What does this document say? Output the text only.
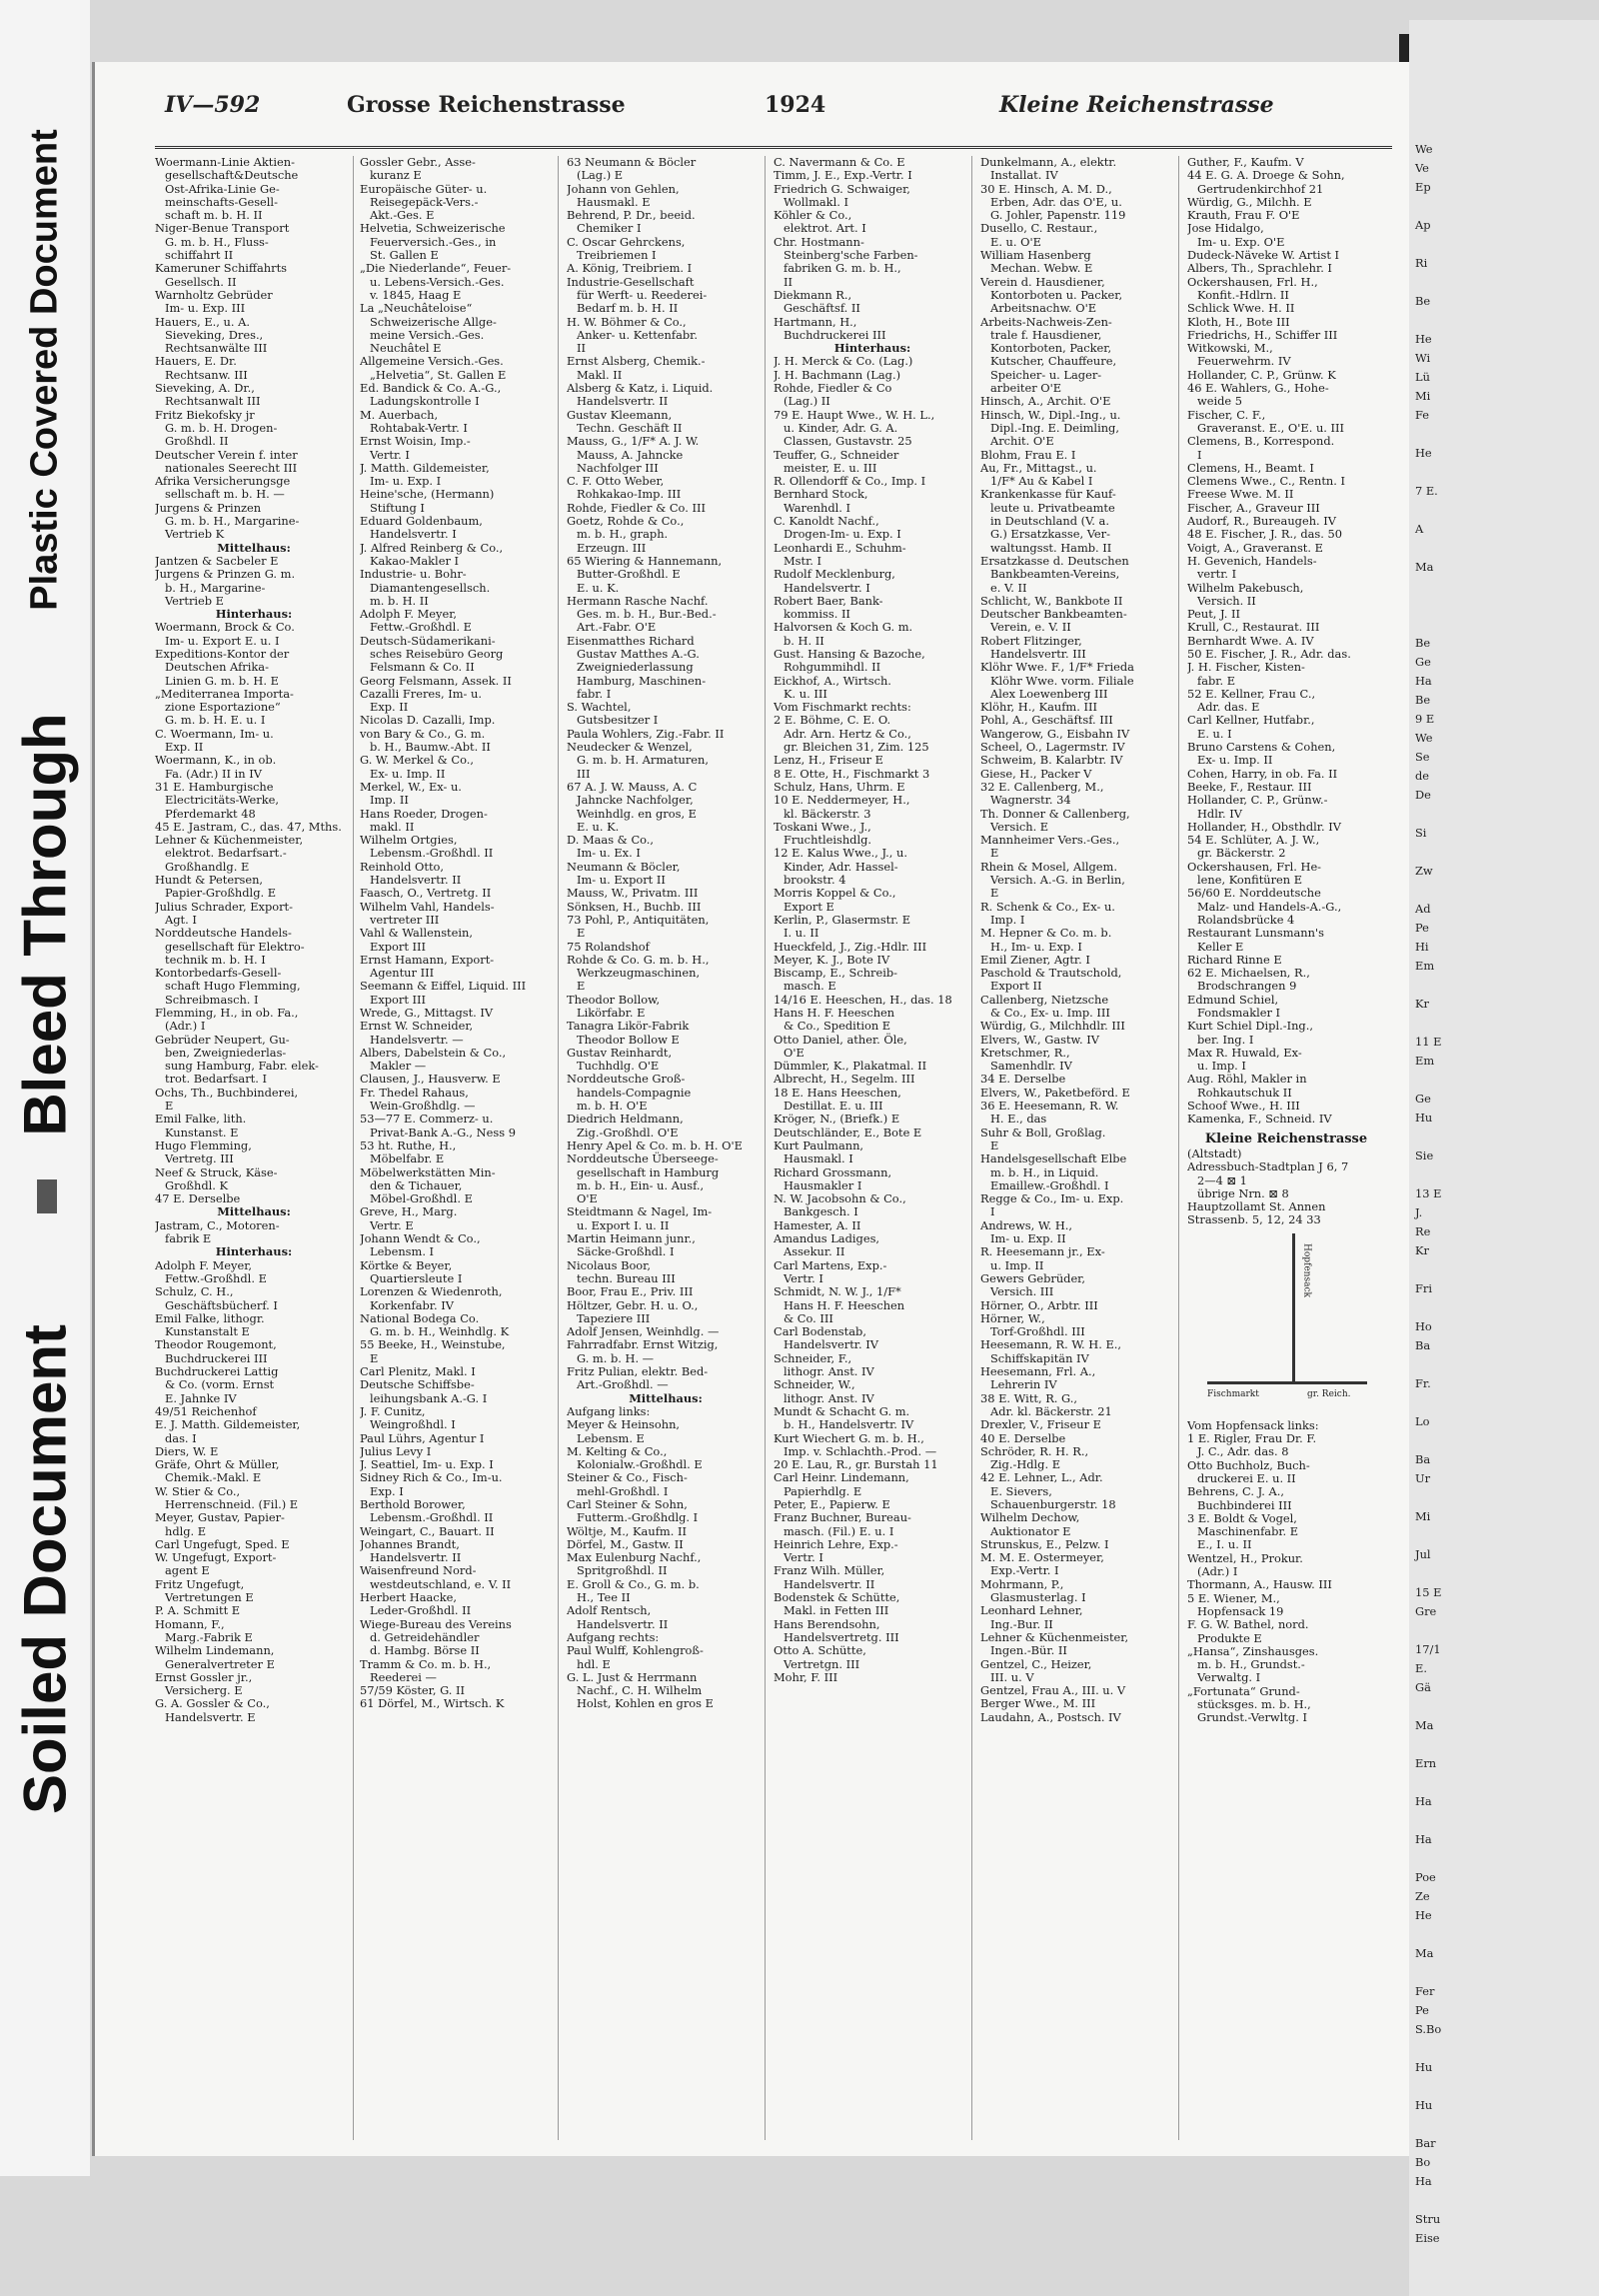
Plastic Covered Document
Bleed Through
Soiled Document
IV—592	Grosse Reichenstrasse	1924	Kleine Reichenstrasse
Woermann-Linie Aktien-
gesellschaft&Deutsche
Ost-Afrika-Linie Ge-
meinschafts-Gesell-
schaft m. b. H. II
Niger-Benue Transport
G. m. b. H., Fluss-
schiffahrt II
Kameruner Schiffahrts
Gesellsch. II
Warnholtz Gebrüder
Im- u. Exp. III
Hauers, E., u. A.
Sieveking, Dres.,
Rechtsanwälte III
Hauers, E. Dr.
Rechtsanw. III
Sieveking, A. Dr.,
Rechtsanwalt III
Fritz Biekofsky jr
G. m. b. H. Drogen-
Großhdl. II
Deutscher Verein f. inter
nationales Seerecht III
Afrika Versicherungsge
sellschaft m. b. H. —
Jurgens & Prinzen
G. m. b. H., Margarine-
Vertrieb K
Mittelhaus:
Jantzen & Sacbeler E
Jurgens & Prinzen G. m.
b. H., Margarine-
Vertrieb E
Hinterhaus:
Woermann, Brock & Co.
Im- u. Export E. u. I
Expeditions-Kontor der
Deutschen Afrika-
Linien G. m. b. H. E
„Mediterranea Importa-
zione Esportazione“
G. m. b. H. E. u. I
C. Woermann, Im- u.
Exp. II
Woermann, K., in ob.
Fa. (Adr.) II in IV
31 E. Hamburgische
Electricitäts-Werke,
Pferdemarkt 48
45 E. Jastram, C., das. 47, Mths.
Lehner & Küchenmeister,
elektrot. Bedarfsart.-
Großhandlg. E
Hundt & Petersen,
Papier-Großhdlg. E
Julius Schrader, Export-
Agt. I
Norddeutsche Handels-
gesellschaft für Elektro-
technik m. b. H. I
Kontorbedarfs-Gesell-
schaft Hugo Flemming,
Schreibmasch. I
Flemming, H., in ob. Fa.,
(Adr.) I
Gebrüder Neupert, Gu-
ben, Zweigniederlas-
sung Hamburg, Fabr. elek-
trot. Bedarfsart. I
Ochs, Th., Buchbinderei,
E
Emil Falke, lith.
Kunstanst. E
Hugo Flemming,
Vertretg. III
Neef & Struck, Käse-
Großhdl. K
47 E. Derselbe
Mittelhaus:
Jastram, C., Motoren-
fabrik E
Hinterhaus:
Adolph F. Meyer,
Fettw.-Großhdl. E
Schulz, C. H.,
Geschäftsbücherf. I
Emil Falke, lithogr.
Kunstanstalt E
Theodor Rougemont,
Buchdruckerei III
Buchdruckerei Lattig
& Co. (vorm. Ernst
E. Jahnke IV
49/51 Reichenhof
E. J. Matth. Gildemeister,
das. I
Diers, W. E
Gräfe, Ohrt & Müller,
Chemik.-Makl. E
W. Stier & Co.,
Herrenschneid. (Fil.) E
Meyer, Gustav, Papier-
hdlg. E
Carl Ungefugt, Sped. E
W. Ungefugt, Export-
agent E
Fritz Ungefugt,
Vertretungen E
P. A. Schmitt E
Homann, F.,
Marg.-Fabrik E
Wilhelm Lindemann,
Generalvertreter E
Ernst Gossler jr.,
Versicherg. E
G. A. Gossler & Co.,
Handelsvertr. E
Gossler Gebr., Asse-
kuranz E
Europäische Güter- u.
Reisegepäck-Vers.-
Akt.-Ges. E
Helvetia, Schweizerische
Feuerversich.-Ges., in
St. Gallen E
„Die Niederlande“, Feuer-
u. Lebens-Versich.-Ges.
v. 1845, Haag E
La „Neuchâteloise“
Schweizerische Allge-
meine Versich.-Ges.
Neuchâtel E
Allgemeine Versich.-Ges.
„Helvetia“, St. Gallen E
Ed. Bandick & Co. A.-G.,
Ladungskontrolle I
M. Auerbach,
Rohtabak-Vertr. I
Ernst Woisin, Imp.-
Vertr. I
J. Matth. Gildemeister,
Im- u. Exp. I
Heine'sche, (Hermann)
Stiftung I
Eduard Goldenbaum,
Handelsvertr. I
J. Alfred Reinberg & Co.,
Kakao-Makler I
Industrie- u. Bohr-
Diamantengesellsch.
m. b. H. II
Adolph F. Meyer,
Fettw.-Großhdl. E
Deutsch-Südamerikani-
sches Reisebüro Georg
Felsmann & Co. II
Georg Felsmann, Assek. II
Cazalli Freres, Im- u.
Exp. II
Nicolas D. Cazalli, Imp.
von Bary & Co., G. m.
b. H., Baumw.-Abt. II
G. W. Merkel & Co.,
Ex- u. Imp. II
Merkel, W., Ex- u.
Imp. II
Hans Roeder, Drogen-
makl. II
Wilhelm Ortgies,
Lebensm.-Großhdl. II
Reinhold Otto,
Handelsvertr. II
Faasch, O., Vertretg. II
Wilhelm Vahl, Handels-
vertreter III
Vahl & Wallenstein,
Export III
Ernst Hamann, Export-
Agentur III
Seemann & Eiffel, Liquid. III
Export III
Wrede, G., Mittagst. IV
Ernst W. Schneider,
Handelsvertr. —
Albers, Dabelstein & Co.,
Makler —
Clausen, J., Hausverw. E
Fr. Thedel Rahaus,
Wein-Großhdlg. —
53—77 E. Commerz- u.
Privat-Bank A.-G., Ness 9
53 ht. Ruthe, H.,
Möbelfabr. E
Möbelwerkstätten Min-
den & Tichauer,
Möbel-Großhdl. E
Greve, H., Marg.
Vertr. E
Johann Wendt & Co.,
Lebensm. I
Körtke & Beyer,
Quartiersleute I
Lorenzen & Wiedenroth,
Korkenfabr. IV
National Bodega Co.
G. m. b. H., Weinhdlg. K
55 Beeke, H., Weinstube,
E
Carl Plenitz, Makl. I
Deutsche Schiffsbe-
leihungsbank A.-G. I
J. F. Cunitz,
Weingroßhdl. I
Paul Lührs, Agentur I
Julius Levy I
J. Seattiel, Im- u. Exp. I
Sidney Rich & Co., Im-u.
Exp. I
Berthold Borower,
Lebensm.-Großhdl. II
Weingart, C., Bauart. II
Johannes Brandt,
Handelsvertr. II
Waisenfreund Nord-
westdeutschland, e. V. II
Herbert Haacke,
Leder-Großhdl. II
Wiege-Bureau des Vereins
d. Getreidehändler
d. Hambg. Börse II
Tramm & Co. m. b. H.,
Reederei —
57/59 Köster, G. II
61 Dörfel, M., Wirtsch. K
63 Neumann & Böcler
(Lag.) E
Johann von Gehlen,
Hausmakl. E
Behrend, P. Dr., beeid.
Chemiker I
C. Oscar Gehrckens,
Treibriemen I
A. König, Treibriem. I
Industrie-Gesellschaft
für Werft- u. Reederei-
Bedarf m. b. H. II
H. W. Böhmer & Co.,
Anker- u. Kettenfabr.
II
Ernst Alsberg, Chemik.-
Makl. II
Alsberg & Katz, i. Liquid.
Handelsvertr. II
Gustav Kleemann,
Techn. Geschäft II
Mauss, G., 1/F* A. J. W.
Mauss, A. Jahncke
Nachfolger III
C. F. Otto Weber,
Rohkakao-Imp. III
Rohde, Fiedler & Co. III
Goetz, Rohde & Co.,
m. b. H., graph.
Erzeugn. III
65 Wiering & Hannemann,
Butter-Großhdl. E
E. u. K.
Hermann Rasche Nachf.
Ges. m. b. H., Bur.-Bed.-
Art.-Fabr. O'E
Eisenmatthes Richard
Gustav Matthes A.-G.
Zweigniederlassung
Hamburg, Maschinen-
fabr. I
S. Wachtel,
Gutsbesitzer I
Paula Wohlers, Zig.-Fabr. II
Neudecker & Wenzel,
G. m. b. H. Armaturen,
III
67 A. J. W. Mauss, A. C
Jahncke Nachfolger,
Weinhdlg. en gros, E
E. u. K.
D. Maas & Co.,
Im- u. Ex. I
Neumann & Böcler,
Im- u. Export II
Mauss, W., Privatm. III
Sönksen, H., Buchb. III
73 Pohl, P., Antiquitäten,
E
75 Rolandshof
Rohde & Co. G. m. b. H.,
Werkzeugmaschinen,
E
Theodor Bollow,
Likörfabr. E
Tanagra Likör-Fabrik
Theodor Bollow E
Gustav Reinhardt,
Tuchhdlg. O'E
Norddeutsche Groß-
handels-Compagnie
m. b. H. O'E
Diedrich Heldmann,
Zig.-Großhdl. O'E
Henry Apel & Co. m. b. H. O'E
Norddeutsche Überseege-
gesellschaft in Hamburg
m. b. H., Ein- u. Ausf.,
O'E
Steidtmann & Nagel, Im-
u. Export I. u. II
Martin Heimann junr.,
Säcke-Großhdl. I
Nicolaus Boor,
techn. Bureau III
Boor, Frau E., Priv. III
Höltzer, Gebr. H. u. O.,
Tapeziere III
Adolf Jensen, Weinhdlg. —
Fahrradfabr. Ernst Witzig,
G. m. b. H. —
Fritz Pulian, elektr. Bed-
Art.-Großhdl. —
Mittelhaus:
Aufgang links:
Meyer & Heinsohn,
Lebensm. E
M. Kelting & Co.,
Kolonialw.-Großhdl. E
Steiner & Co., Fisch-
mehl-Großhdl. I
Carl Steiner & Sohn,
Futterm.-Großhdlg. I
Wöltje, M., Kaufm. II
Dörfel, M., Gastw. II
Max Eulenburg Nachf.,
Spritgroßhdl. II
E. Groll & Co., G. m. b.
H., Tee II
Adolf Rentsch,
Handelsvertr. II
Aufgang rechts:
Paul Wulff, Kohlengroß-
hdl. E
G. L. Just & Herrmann
Nachf., C. H. Wilhelm
Holst, Kohlen en gros E
C. Navermann & Co. E
Timm, J. E., Exp.-Vertr. I
Friedrich G. Schwaiger,
Wollmakl. I
Köhler & Co.,
elektrot. Art. I
Chr. Hostmann-
Steinberg'sche Farben-
fabriken G. m. b. H.,
II
Diekmann R.,
Geschäftsf. II
Hartmann, H.,
Buchdruckerei III
Hinterhaus:
J. H. Merck & Co. (Lag.)
J. H. Bachmann (Lag.)
Rohde, Fiedler & Co
(Lag.) II
79 E. Haupt Wwe., W. H. L.,
u. Kinder, Adr. G. A.
Classen, Gustavstr. 25
Teuffer, G., Schneider
meister, E. u. III
R. Ollendorff & Co., Imp. I
Bernhard Stock,
Warenhdl. I
C. Kanoldt Nachf.,
Drogen-Im- u. Exp. I
Leonhardi E., Schuhm-
Mstr. I
Rudolf Mecklenburg,
Handelsvertr. I
Robert Baer, Bank-
kommiss. II
Halvorsen & Koch G. m.
b. H. II
Gust. Hansing & Bazoche,
Rohgummihdl. II
Eickhof, A., Wirtsch.
K. u. III
Vom Fischmarkt rechts:
2 E. Böhme, C. E. O.
Adr. Arn. Hertz & Co.,
gr. Bleichen 31, Zim. 125
Lenz, H., Friseur E
8 E. Otte, H., Fischmarkt 3
Schulz, Hans, Uhrm. E
10 E. Neddermeyer, H.,
kl. Bäckerstr. 3
Toskani Wwe., J.,
Fruchtleishdlg.
12 E. Kalus Wwe., J., u.
Kinder, Adr. Hassel-
brookstr. 4
Morris Koppel & Co.,
Export E
Kerlin, P., Glasermstr. E
I. u. II
Hueckfeld, J., Zig.-Hdlr. III
Meyer, K. J., Bote IV
Biscamp, E., Schreib-
masch. E
14/16 E. Heeschen, H., das. 18
Hans H. F. Heeschen
& Co., Spedition E
Otto Daniel, ather. Öle,
O'E
Dümmler, K., Plakatmal. II
Albrecht, H., Segelm. III
18 E. Hans Heeschen,
Destillat. E. u. III
Kröger, N., (Briefk.) E
Deutschländer, E., Bote E
Kurt Paulmann,
Hausmakl. I
Richard Grossmann,
Hausmakler I
N. W. Jacobsohn & Co.,
Bankgesch. I
Hamester, A. II
Amandus Ladiges,
Assekur. II
Carl Martens, Exp.-
Vertr. I
Schmidt, N. W. J., 1/F*
Hans H. F. Heeschen
& Co. III
Carl Bodenstab,
Handelsvertr. IV
Schneider, F.,
lithogr. Anst. IV
Schneider, W.,
lithogr. Anst. IV
Mundt & Schacht G. m.
b. H., Handelsvertr. IV
Kurt Wiechert G. m. b. H.,
Imp. v. Schlachth.-Prod. —
20 E. Lau, R., gr. Burstah 11
Carl Heinr. Lindemann,
Papierhdlg. E
Peter, E., Papierw. E
Franz Buchner, Bureau-
masch. (Fil.) E. u. I
Heinrich Lehre, Exp.-
Vertr. I
Franz Wilh. Müller,
Handelsvertr. II
Bodenstek & Schütte,
Makl. in Fetten III
Hans Berendsohn,
Handelsvertretg. III
Otto A. Schütte,
Vertretgn. III
Mohr, F. III
Dunkelmann, A., elektr.
Installat. IV
30 E. Hinsch, A. M. D.,
Erben, Adr. das O'E, u.
G. Johler, Papenstr. 119
Dusello, C. Restaur.,
E. u. O'E
William Hasenberg
Mechan. Webw. E
Verein d. Hausdiener,
Kontorboten u. Packer,
Arbeitsnachw. O'E
Arbeits-Nachweis-Zen-
trale f. Hausdiener,
Kontorboten, Packer,
Kutscher, Chauffeure,
Speicher- u. Lager-
arbeiter O'E
Hinsch, A., Archit. O'E
Hinsch, W., Dipl.-Ing., u.
Dipl.-Ing. E. Deimling,
Archit. O'E
Blohm, Frau E. I
Au, Fr., Mittagst., u.
1/F* Au & Kabel I
Krankenkasse für Kauf-
leute u. Privatbeamte
in Deutschland (V. a.
G.) Ersatzkasse, Ver-
waltungsst. Hamb. II
Ersatzkasse d. Deutschen
Bankbeamten-Vereins,
e. V. II
Schlicht, W., Bankbote II
Deutscher Bankbeamten-
Verein, e. V. II
Robert Flitzinger,
Handelsvertr. III
Klöhr Wwe. F., 1/F* Frieda
Klöhr Wwe. vorm. Filiale
Alex Loewenberg III
Klöhr, H., Kaufm. III
Pohl, A., Geschäftsf. III
Wangerow, G., Eisbahn IV
Scheel, O., Lagermstr. IV
Schweim, B. Kalarbtr. IV
Giese, H., Packer V
32 E. Callenberg, M.,
Wagnerstr. 34
Th. Donner & Callenberg,
Versich. E
Mannheimer Vers.-Ges.,
E
Rhein & Mosel, Allgem.
Versich. A.-G. in Berlin,
E
R. Schenk & Co., Ex- u.
Imp. I
M. Hepner & Co. m. b.
H., Im- u. Exp. I
Emil Ziener, Agtr. I
Paschold & Trautschold,
Export II
Callenberg, Nietzsche
& Co., Ex- u. Imp. III
Würdig, G., Milchhdlr. III
Elvers, W., Gastw. IV
Kretschmer, R.,
Samenhdlr. IV
34 E. Derselbe
Elvers, W., Paketbeförd. E
36 E. Heesemann, R. W.
H. E., das
Suhr & Boll, Großlag.
E
Handelsgesellschaft Elbe
m. b. H., in Liquid.
Emaillew.-Großhdl. I
Regge & Co., Im- u. Exp.
I
Andrews, W. H.,
Im- u. Exp. II
R. Heesemann jr., Ex-
u. Imp. II
Gewers Gebrüder,
Versich. III
Hörner, O., Arbtr. III
Hörner, W.,
Torf-Großhdl. III
Heesemann, R. W. H. E.,
Schiffskapitän IV
Heesemann, Frl. A.,
Lehrerin IV
38 E. Witt, R. G.,
Adr. kl. Bäckerstr. 21
Drexler, V., Friseur E
40 E. Derselbe
Schröder, R. H. R.,
Zig.-Hdlg. E
42 E. Lehner, L., Adr.
E. Sievers,
Schauenburgerstr. 18
Wilhelm Dechow,
Auktionator E
Strunskus, E., Pelzw. I
M. M. E. Ostermeyer,
Exp.-Vertr. I
Mohrmann, P.,
Glasmusterlag. I
Leonhard Lehner,
Ing.-Bur. II
Lehner & Küchenmeister,
Ingen.-Bür. II
Gentzel, C., Heizer,
III. u. V
Gentzel, Frau A., III. u. V
Berger Wwe., M. III
Laudahn, A., Postsch. IV
Guther, F., Kaufm. V
44 E. G. A. Droege & Sohn,
Gertrudenkirchhof 21
Würdig, G., Milchh. E
Krauth, Frau F. O'E
Jose Hidalgo,
Im- u. Exp. O'E
Dudeck-Näveke W. Artist I
Albers, Th., Sprachlehr. I
Ockershausen, Frl. H.,
Konfit.-Hdlrn. II
Schlick Wwe. H. II
Kloth, H., Bote III
Friedrichs, H., Schiffer III
Witkowski, M.,
Feuerwehrm. IV
Hollander, C. P., Grünw. K
46 E. Wahlers, G., Hohe-
weide 5
Fischer, C. F.,
Graveranst. E., O'E. u. III
Clemens, B., Korrespond.
I
Clemens, H., Beamt. I
Clemens Wwe., C., Rentn. I
Freese Wwe. M. II
Fischer, A., Graveur III
Audorf, R., Bureaugeh. IV
48 E. Fischer, J. R., das. 50
Voigt, A., Graveranst. E
H. Gevenich, Handels-
vertr. I
Wilhelm Pakebusch,
Versich. II
Peut, J. II
Krull, C., Restaurat. III
Bernhardt Wwe. A. IV
50 E. Fischer, J. R., Adr. das.
J. H. Fischer, Kisten-
fabr. E
52 E. Kellner, Frau C.,
Adr. das. E
Carl Kellner, Hutfabr.,
E. u. I
Bruno Carstens & Cohen,
Ex- u. Imp. II
Cohen, Harry, in ob. Fa. II
Beeke, F., Restaur. III
Hollander, C. P., Grünw.-
Hdlr. IV
Hollander, H., Obsthdlr. IV
54 E. Schlüter, A. J. W.,
gr. Bäckerstr. 2
Ockershausen, Frl. He-
lene, Konfitüren E
56/60 E. Norddeutsche
Malz- und Handels-A.-G.,
Rolandsbrücke 4
Restaurant Lunsmann's
Keller E
Richard Rinne E
62 E. Michaelsen, R.,
Brodschrangen 9
Edmund Schiel,
Fondsmakler I
Kurt Schiel Dipl.-Ing.,
ber. Ing. I
Max R. Huwald, Ex-
u. Imp. I
Aug. Röhl, Makler in
Rohkautschuk II
Schoof Wwe., H. III
Kamenka, F., Schneid. IV
Kleine Reichenstrasse
(Altstadt)
Adressbuch-Stadtplan J 6, 7
2—4 ⊠ 1
übrige Nrn. ⊠ 8
Hauptzollamt St. Annen
Strassenb. 5, 12, 24 33
Hopfensack
Fischmarkt	gr. Reich.
Vom Hopfensack links:
1 E. Rigler, Frau Dr. F.
J. C., Adr. das. 8
Otto Buchholz, Buch-
druckerei E. u. II
Behrens, C. J. A.,
Buchbinderei III
3 E. Boldt & Vogel,
Maschinenfabr. E
E., I. u. II
Wentzel, H., Prokur.
(Adr.) I
Thormann, A., Hausw. III
5 E. Wiener, M.,
Hopfensack 19
F. G. W. Bathel, nord.
Produkte E
„Hansa“, Zinshausges.
m. b. H., Grundst.-
Verwaltg. I
„Fortunata“ Grund-
stücksges. m. b. H.,
Grundst.-Verwltg. I
We
Ve
Ep

Ap

Ri

Be

He
Wi
Lü
Mi
Fe

He

7 E.

A

Ma

Be
Ge
Ha
Be
9 E
We
Se
de
De

Si

Zw

Ad
Pe
Hi
Em

Kr

11 E
Em

Ge
Hu

Sie

13 E
J.
Re
Kr

Fri

Ho
Ba

Fr.

Lo

Ba
Ur

Mi

Jul

15 E
Gre

17/1
E.
Gä

Ma

Ern

Ha

Ha

Poe
Ze
He

Ma

Fer
Pe
S.Bo

Hu

Hu

Bar
Bo
Ha

Stru
Eise
